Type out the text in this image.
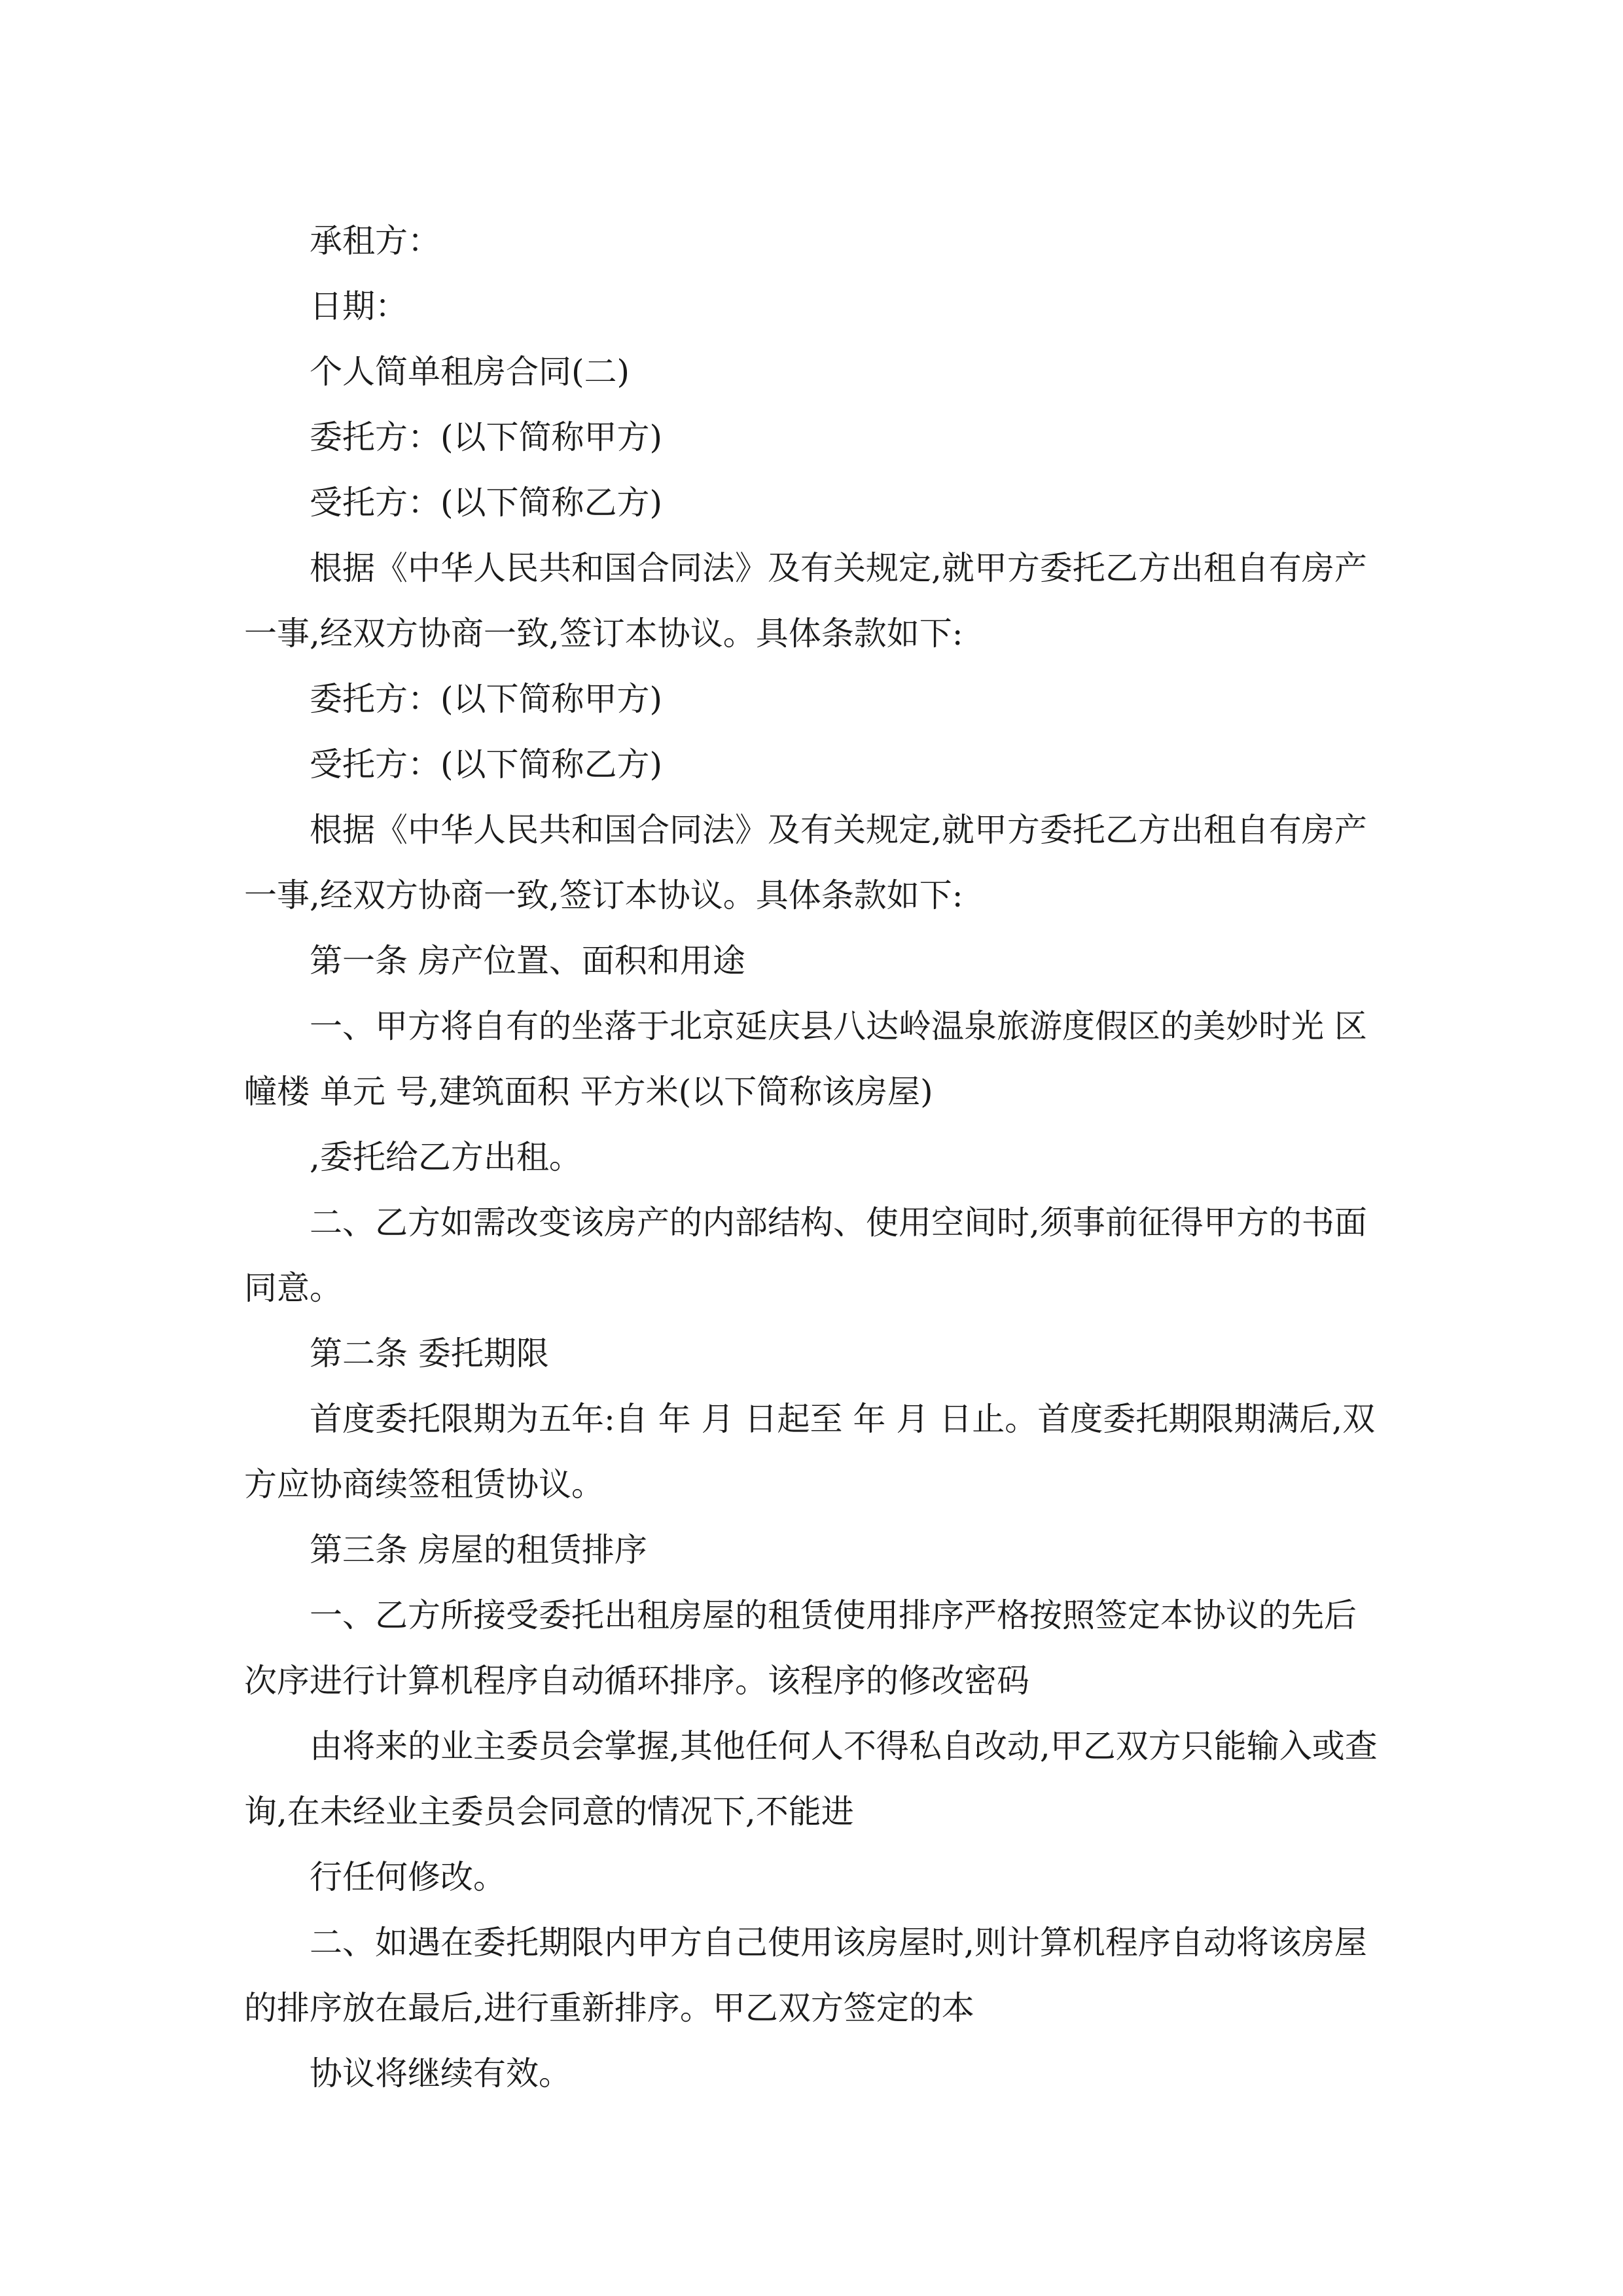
承租方：

日期：

个人简单租房合同(二)

委托方：(以下简称甲方)

受托方：(以下简称乙方)

根据《中华人民共和国合同法》及有关规定,就甲方委托乙方出租自有房产一事,经双方协商一致,签订本协议。具体条款如下:

委托方：(以下简称甲方)

受托方：(以下简称乙方)

根据《中华人民共和国合同法》及有关规定,就甲方委托乙方出租自有房产一事,经双方协商一致,签订本协议。具体条款如下:

第一条 房产位置、面积和用途

一、甲方将自有的坐落于北京延庆县八达岭温泉旅游度假区的美妙时光 区幢楼 单元 号,建筑面积 平方米(以下简称该房屋)

,委托给乙方出租。

二、乙方如需改变该房产的内部结构、使用空间时,须事前征得甲方的书面同意。

第二条 委托期限

首度委托限期为五年:自 年 月 日起至 年 月 日止。首度委托期限期满后,双方应协商续签租赁协议。

第三条 房屋的租赁排序

一、乙方所接受委托出租房屋的租赁使用排序严格按照签定本协议的先后次序进行计算机程序自动循环排序。该程序的修改密码

由将来的业主委员会掌握,其他任何人不得私自改动,甲乙双方只能输入或查询,在未经业主委员会同意的情况下,不能进

行任何修改。

二、如遇在委托期限内甲方自己使用该房屋时,则计算机程序自动将该房屋的排序放在最后,进行重新排序。甲乙双方签定的本

协议将继续有效。
